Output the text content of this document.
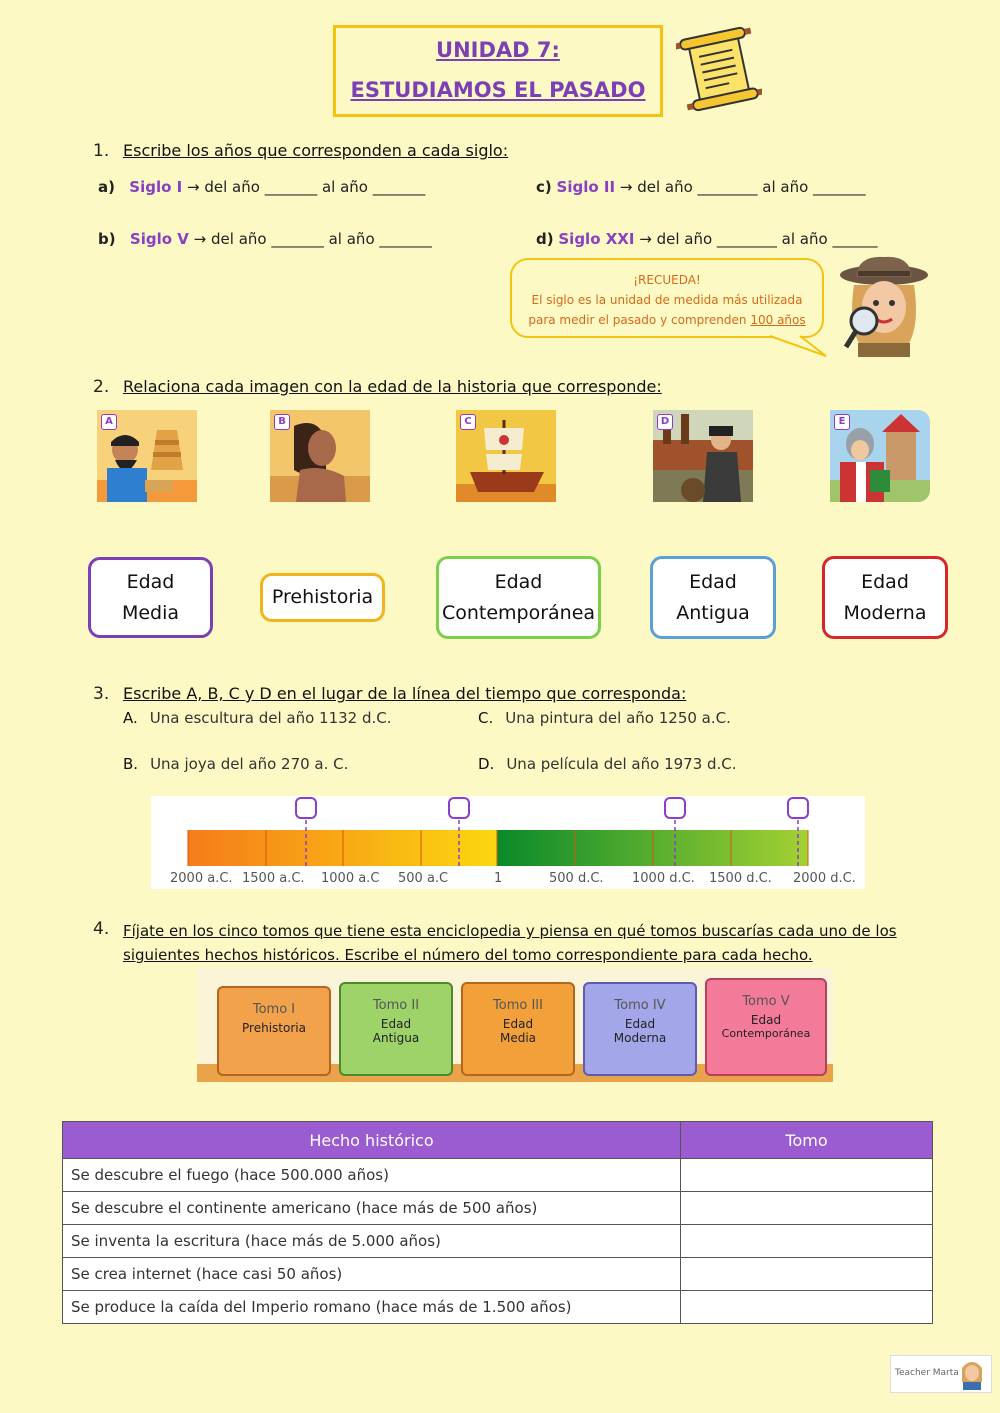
UNIDAD 7:
ESTUDIAMOS EL PASADO
1. Escribe los años que corresponden a cada siglo:
a) Siglo I → del año _______ al año _______	c) Siglo II → del año ________ al año _______
b) Siglo V → del año _______ al año _______	d) Siglo XXI → del año ________ al año ______
¡RECUEDA!
El siglo es la unidad de medida más utilizada
para medir el pasado y comprenden 100 años
2. Relaciona cada imagen con la edad de la historia que corresponde:
A	B	C	D	E
Edad
Media
Prehistoria
Edad
Contemporánea
Edad
Antigua
Edad
Moderna
3. Escribe A, B, C y D en el lugar de la línea del tiempo que corresponda:
A. Una escultura del año 1132 d.C.	C. Una pintura del año 1250 a.C.
B. Una joya del año 270 a. C.	D. Una película del año 1973 d.C.
2000 a.C. 1500 a.C. 1000 a.C 500 a.C	1	500 d.C. 1000 d.C. 1500 d.C. 2000 d.C.
4. Fíjate en los cinco tomos que tiene esta enciclopedia y piensa en qué tomos buscarías cada uno de los
siguientes hechos históricos. Escribe el número del tomo correspondiente para cada hecho.
Tomo I
Prehistoria
Tomo II
Edad
Antigua
Tomo III
Edad
Media
Tomo IV
Edad
Moderna
Tomo V
Edad
Contemporánea
Hecho histórico	Tomo
Se descubre el fuego (hace 500.000 años)	
Se descubre el continente americano (hace más de 500 años)	
Se inventa la escritura (hace más de 5.000 años)	
Se crea internet (hace casi 50 años)	
Se produce la caída del Imperio romano (hace más de 1.500 años)	
Teacher Marta
